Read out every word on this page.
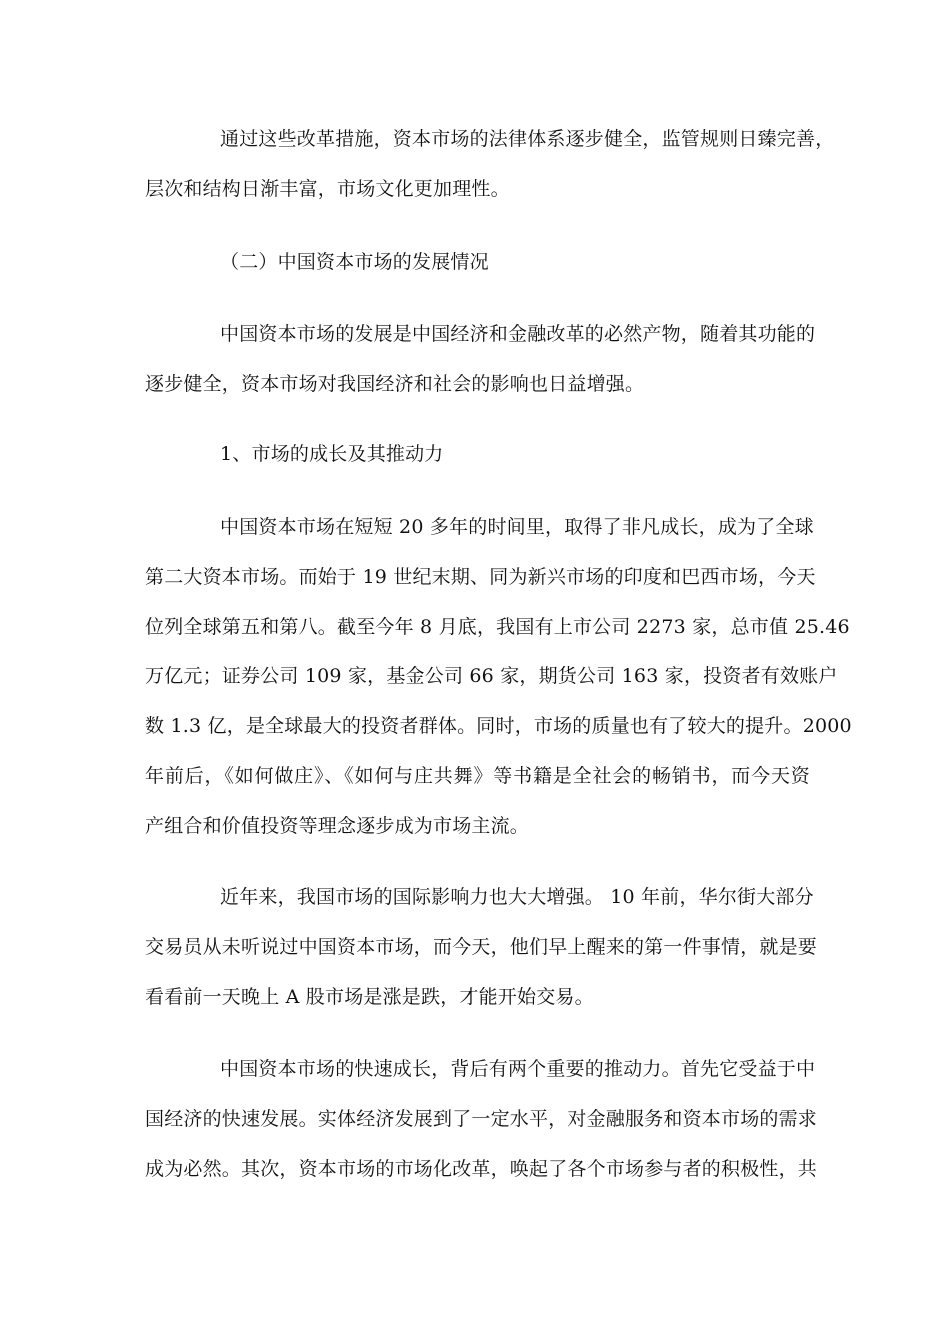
通过这些改革措施，资本市场的法律体系逐步健全，监管规则日臻完善，
层次和结构日渐丰富，市场文化更加理性。
（二）中国资本市场的发展情况
中国资本市场的发展是中国经济和金融改革的必然产物，随着其功能的
逐步健全，资本市场对我国经济和社会的影响也日益增强。
1、市场的成长及其推动力
中国资本市场在短短 20 多年的时间里，取得了非凡成长，成为了全球
第二大资本市场。而始于 19 世纪末期、同为新兴市场的印度和巴西市场，今天
位列全球第五和第八。截至今年 8 月底，我国有上市公司 2273 家，总市值 25.46
万亿元；证券公司 109 家，基金公司 66 家，期货公司 163 家，投资者有效账户
数 1.3 亿，是全球最大的投资者群体。同时，市场的质量也有了较大的提升。2000
年前后，《如何做庄》、《如何与庄共舞》等书籍是全社会的畅销书，而今天资
产组合和价值投资等理念逐步成为市场主流。
近年来，我国市场的国际影响力也大大增强。 10 年前，华尔街大部分
交易员从未听说过中国资本市场，而今天，他们早上醒来的第一件事情，就是要
看看前一天晚上 A 股市场是涨是跌，才能开始交易。
中国资本市场的快速成长，背后有两个重要的推动力。首先它受益于中
国经济的快速发展。实体经济发展到了一定水平，对金融服务和资本市场的需求
成为必然。其次，资本市场的市场化改革，唤起了各个市场参与者的积极性，共
